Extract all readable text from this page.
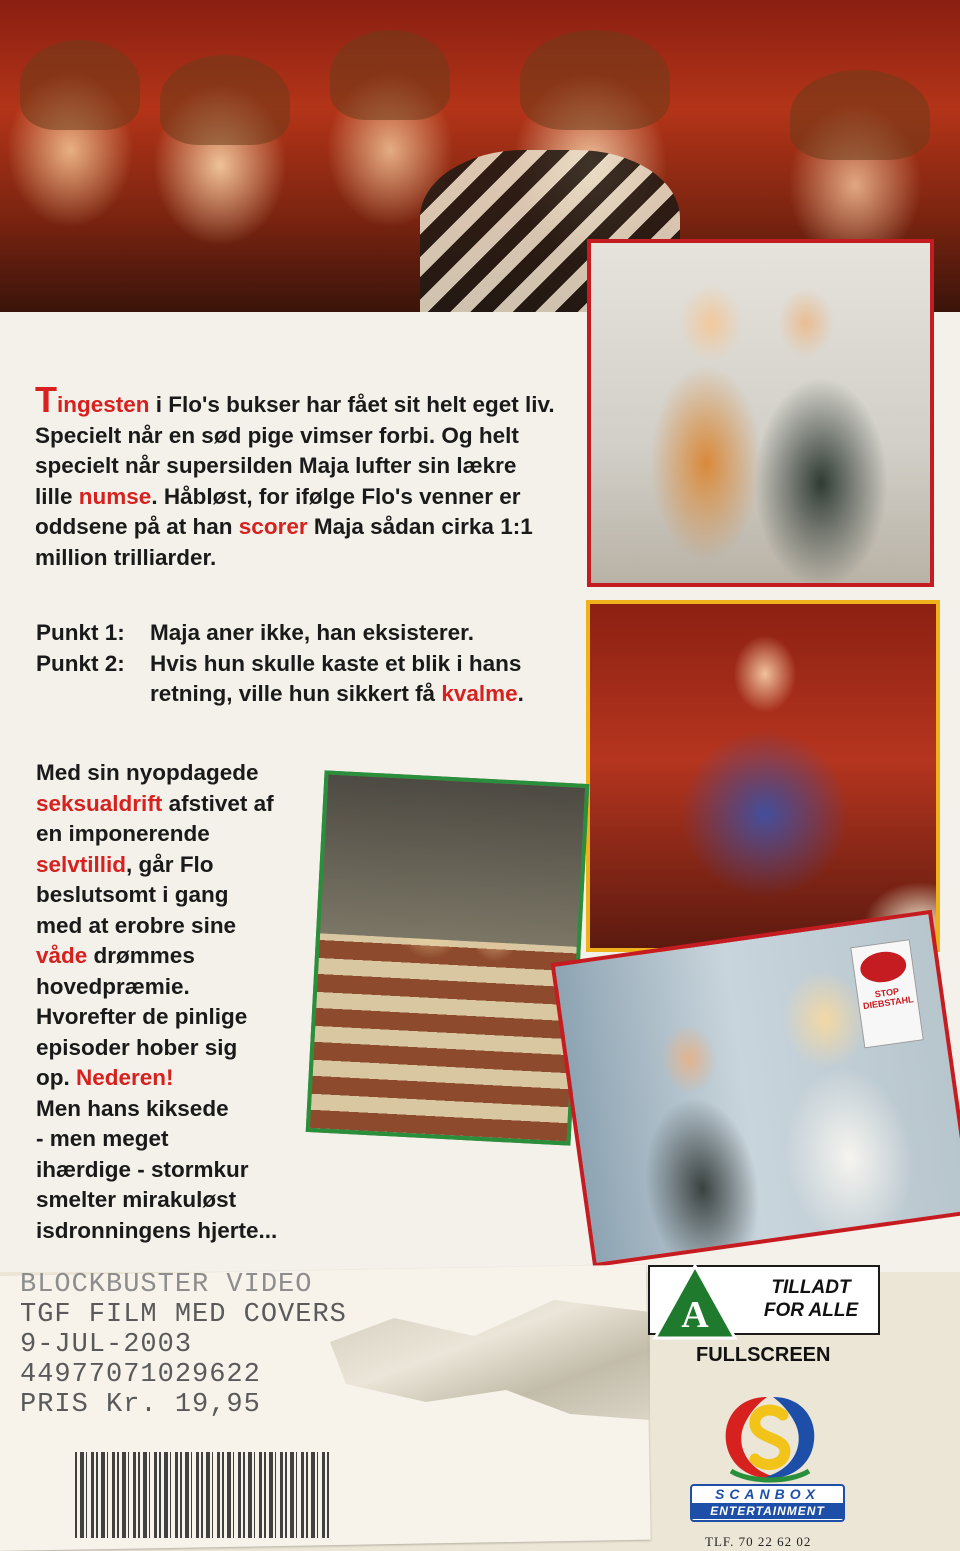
STOP DIEBSTAHL

Tingesten i Flo's bukser har fået sit helt eget liv. Specielt når en sød pige vimser forbi. Og helt specielt når supersilden Maja lufter sin lækre lille numse. Håbløst, for ifølge Flo's venner er oddsene på at han scorer Maja sådan cirka 1:1 million trilliarder.

Punkt 1:	Maja aner ikke, han eksisterer.
Punkt 2:	Hvis hun skulle kaste et blik i hans retning, ville hun sikkert få kvalme.
Med sin nyopdagede
seksualdrift afstivet af
en imponerende
selvtillid, går Flo
beslutsomt i gang
med at erobre sine
våde drømmes
hovedpræmie.
Hvorefter de pinlige
episoder hober sig
op. Nederen!
Men hans kiksede
- men meget
ihærdige - stormkur
smelter mirakuløst
isdronningens hjerte...
BLOCKBUSTER VIDEO
TGF FILM MED COVERS
9-JUL-2003
44977071029622
PRIS Kr. 19,95
A
TILLADT
FOR ALLE
FULLSCREEN
SCANBOX
ENTERTAINMENT
TLF. 70 22 62 02
